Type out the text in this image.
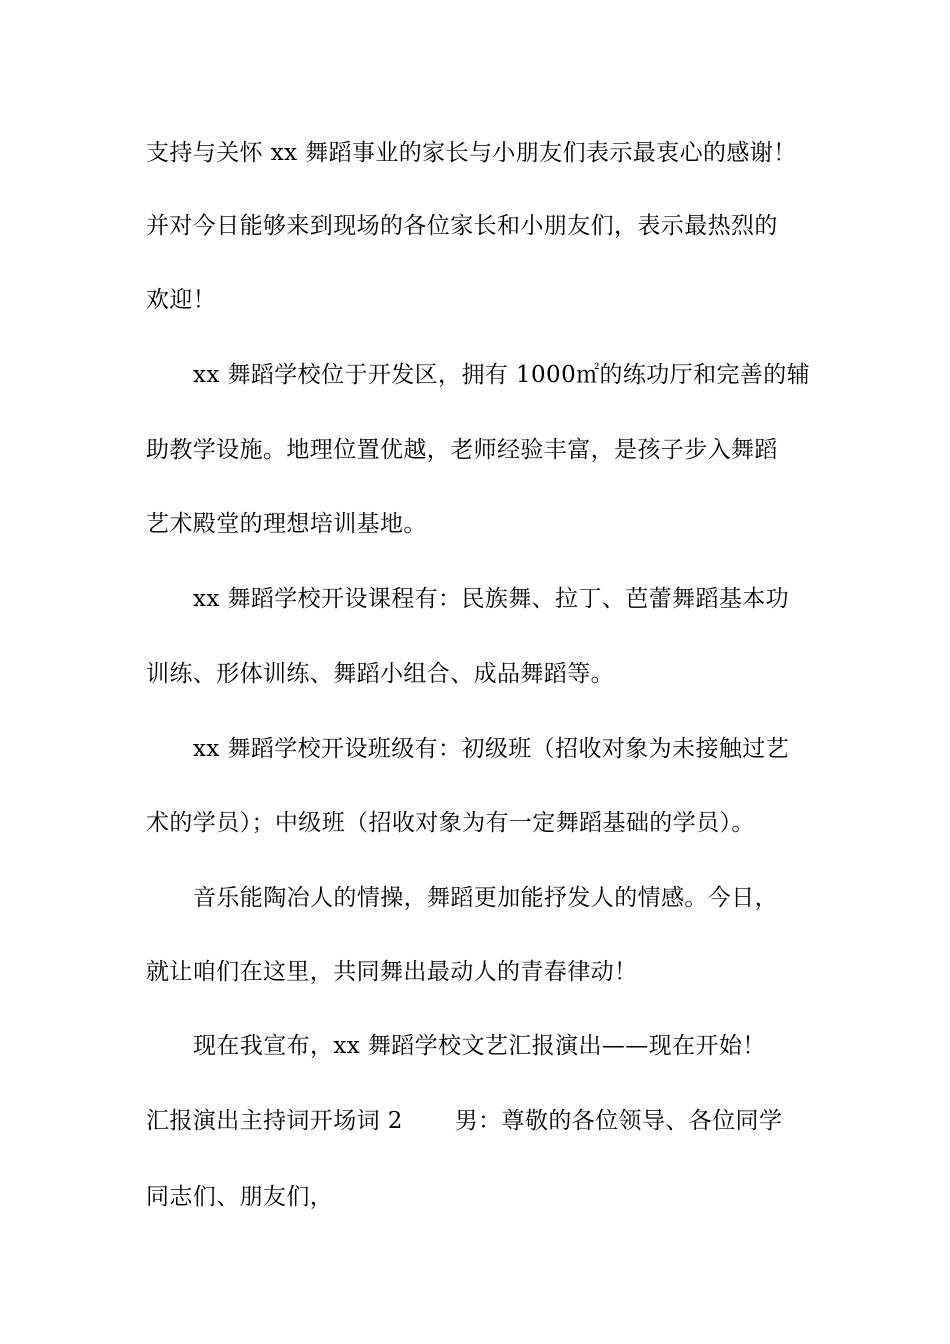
支持与关怀 xx 舞蹈事业的家长与小朋友们表示最衷心的感谢！
并对今日能够来到现场的各位家长和小朋友们，表示最热烈的
欢迎！
xx 舞蹈学校位于开发区，拥有 1000㎡的练功厅和完善的辅
助教学设施。地理位置优越，老师经验丰富，是孩子步入舞蹈
艺术殿堂的理想培训基地。
xx 舞蹈学校开设课程有：民族舞、拉丁、芭蕾舞蹈基本功
训练、形体训练、舞蹈小组合、成品舞蹈等。
xx 舞蹈学校开设班级有：初级班（招收对象为未接触过艺
术的学员）；中级班（招收对象为有一定舞蹈基础的学员）。
音乐能陶冶人的情操，舞蹈更加能抒发人的情感。今日，
就让咱们在这里，共同舞出最动人的青春律动！
现在我宣布，xx 舞蹈学校文艺汇报演出——现在开始！
汇报演出主持词开场词 2 男：尊敬的各位领导、各位同学
同志们、朋友们，
